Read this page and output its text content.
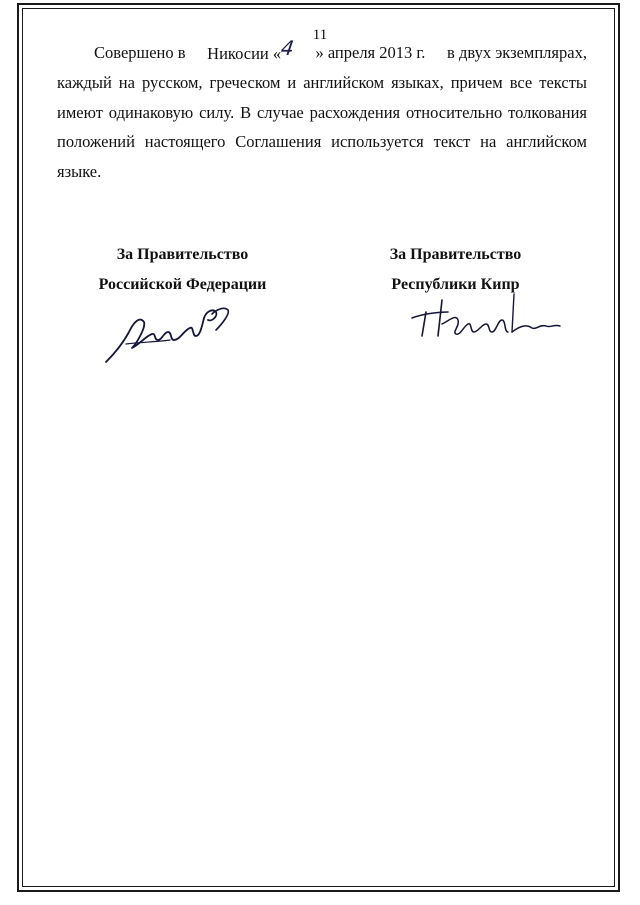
11
Совершено в Никосии «4 » апреля 2013 г. в двух экземплярах,
каждый на русском, греческом и английском языках, причем все тексты
имеют одинаковую силу. В случае расхождения относительно толкования
положений настоящего Соглашения используется текст на английском
языке.
За Правительство
Российской Федерации
За Правительство
Республики Кипр
